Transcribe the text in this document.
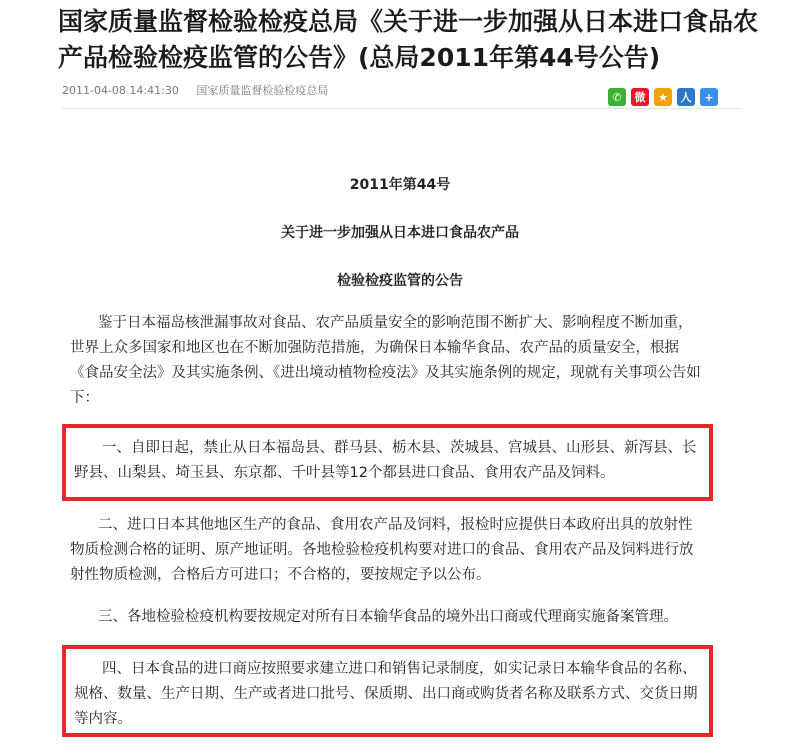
国家质量监督检验检疫总局《关于进一步加强从日本进口食品农产品检验检疫监管的公告》(总局2011年第44号公告)
2011-04-08 14:41:30 国家质量监督检验检疫总局	✆	微	★	人	+
2011年第44号
关于进一步加强从日本进口食品农产品
检验检疫监管的公告

鉴于日本福岛核泄漏事故对食品、农产品质量安全的影响范围不断扩大、影响程度不断加重，世界上众多国家和地区也在不断加强防范措施，为确保日本输华食品、农产品的质量安全，根据《食品安全法》及其实施条例、《进出境动植物检疫法》及其实施条例的规定，现就有关事项公告如下：

一、自即日起，禁止从日本福岛县、群马县、栃木县、茨城县、宫城县、山形县、新泻县、长野县、山梨县、埼玉县、东京都、千叶县等12个都县进口食品、食用农产品及饲料。

二、进口日本其他地区生产的食品、食用农产品及饲料，报检时应提供日本政府出具的放射性物质检测合格的证明、原产地证明。各地检验检疫机构要对进口的食品、食用农产品及饲料进行放射性物质检测，合格后方可进口；不合格的，要按规定予以公布。

三、各地检验检疫机构要按规定对所有日本输华食品的境外出口商或代理商实施备案管理。

四、日本食品的进口商应按照要求建立进口和销售记录制度，如实记录日本输华食品的名称、规格、数量、生产日期、生产或者进口批号、保质期、出口商或购货者名称及联系方式、交货日期等内容。
